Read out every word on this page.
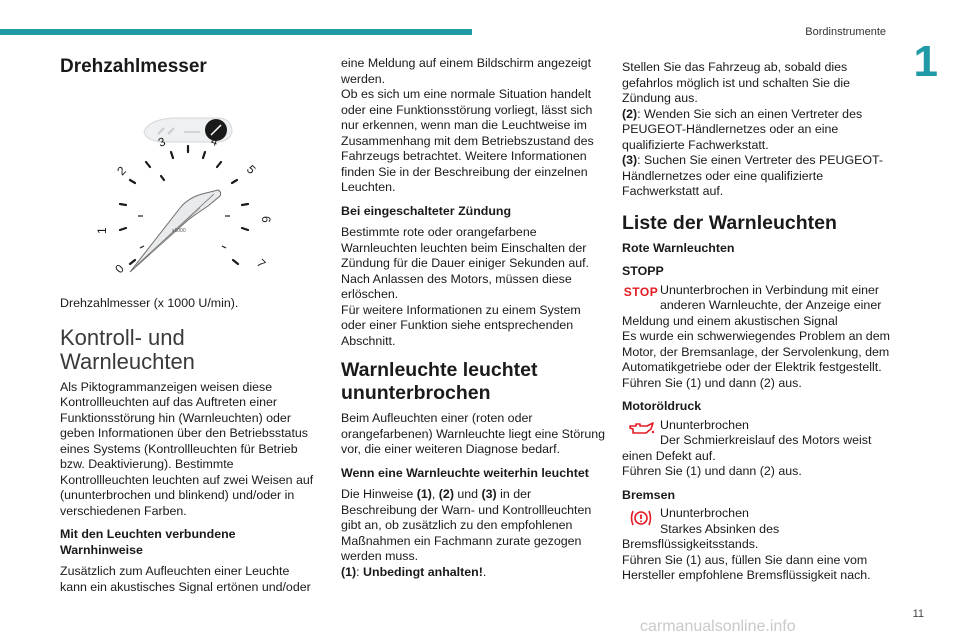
Bordinstrumente
1
Drehzahlmesser
0
1
2
3	4
5
6
7
x1000

Drehzahlmesser (x 1000 U/min).

Kontroll- und
Warnleuchten

Als Piktogrammanzeigen weisen diese Kontrollleuchten auf das Auftreten einer Funktionsstörung hin (Warnleuchten) oder geben Informationen über den Betriebsstatus eines Systems (Kontrollleuchten für Betrieb bzw. Deaktivierung). Bestimmte Kontrollleuchten leuchten auf zwei Weisen auf (ununterbrochen und blinkend) und/oder in verschiedenen Farben.

Mit den Leuchten verbundene Warnhinweise

Zusätzlich zum Aufleuchten einer Leuchte kann ein akustisches Signal ertönen und/oder

eine Meldung auf einem Bildschirm angezeigt werden.

Ob es sich um eine normale Situation handelt oder eine Funktionsstörung vorliegt, lässt sich nur erkennen, wenn man die Leuchtweise im Zusammenhang mit dem Betriebszustand des Fahrzeugs betrachtet. Weitere Informationen finden Sie in der Beschreibung der einzelnen Leuchten.

Bei eingeschalteter Zündung

Bestimmte rote oder orangefarbene Warnleuchten leuchten beim Einschalten der Zündung für die Dauer einiger Sekunden auf. Nach Anlassen des Motors, müssen diese erlöschen.

Für weitere Informationen zu einem System oder einer Funktion siehe entsprechenden Abschnitt.

Warnleuchte leuchtet
ununterbrochen

Beim Aufleuchten einer (roten oder orangefarbenen) Warnleuchte liegt eine Störung vor, die einer weiteren Diagnose bedarf.

Wenn eine Warnleuchte weiterhin leuchtet

Die Hinweise (1), (2) und (3) in der Beschreibung der Warn- und Kontrollleuchten gibt an, ob zusätzlich zu den empfohlenen Maßnahmen ein Fachmann zurate gezogen werden muss.

(1): Unbedingt anhalten!.

Stellen Sie das Fahrzeug ab, sobald dies gefahrlos möglich ist und schalten Sie die Zündung aus.

(2): Wenden Sie sich an einen Vertreter des PEUGEOT-Händlernetzes oder an eine qualifizierte Fachwerkstatt.

(3): Suchen Sie einen Vertreter des PEUGEOT-Händlernetzes oder eine qualifizierte Fachwerkstatt auf.

Liste der Warnleuchten
Rote Warnleuchten
STOPP
STOP Ununterbrochen in Verbindung mit einer anderen Warnleuchte, der Anzeige einer

Meldung und einem akustischen Signal

Es wurde ein schwerwiegendes Problem an dem Motor, der Bremsanlage, der Servolenkung, dem Automatikgetriebe oder der Elektrik festgestellt.

Führen Sie (1) und dann (2) aus.

Motoröldruck
Ununterbrochen
Der Schmierkreislauf des Motors weist

einen Defekt auf.

Führen Sie (1) und dann (2) aus.

Bremsen
Ununterbrochen
Starkes Absinken des

Bremsflüssigkeitsstands.

Führen Sie (1) aus, füllen Sie dann eine vom Hersteller empfohlene Bremsflüssigkeit nach.

11
carmanualsonline.info
